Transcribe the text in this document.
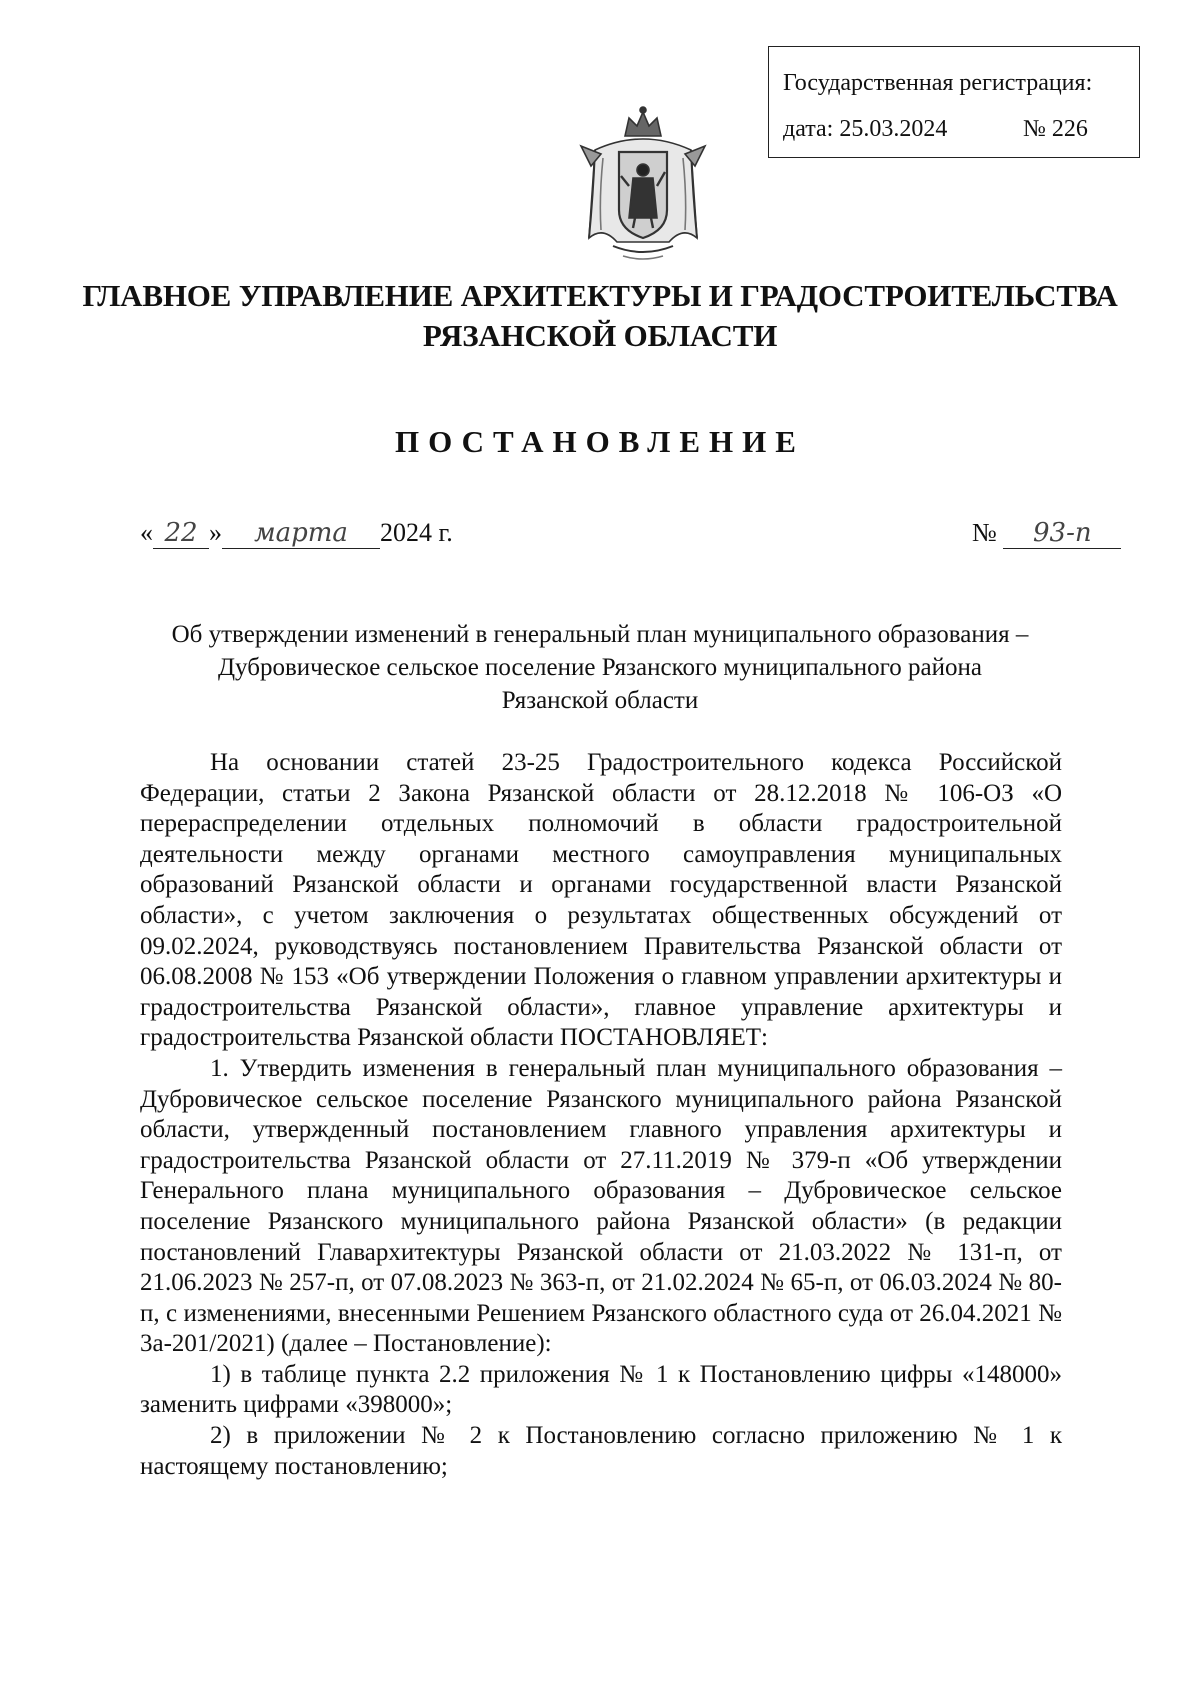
Государственная регистрация:
дата: 25.03.2024	№ 226
ГЛАВНОЕ УПРАВЛЕНИЕ АРХИТЕКТУРЫ И ГРАДОСТРОИТЕЛЬСТВА
РЯЗАНСКОЙ ОБЛАСТИ
ПОСТАНОВЛЕНИЕ
« 22 » марта 2024 г.	№ 93-п
Об утверждении изменений в генеральный план муниципального образования –
Дубровическое сельское поселение Рязанского муниципального района
Рязанской области

На основании статей 23-25 Градостроительного кодекса Российской Федерации, статьи 2 Закона Рязанской области от 28.12.2018 № 106-ОЗ «О перераспределении отдельных полномочий в области градостроительной деятельности между органами местного самоуправления муниципальных образований Рязанской области и органами государственной власти Рязанской области», с учетом заключения о результатах общественных обсуждений от 09.02.2024, руководствуясь постановлением Правительства Рязанской области от 06.08.2008 № 153 «Об утверждении Положения о главном управлении архитектуры и градостроительства Рязанской области», главное управление архитектуры и градостроительства Рязанской области ПОСТАНОВЛЯЕТ:

1. Утвердить изменения в генеральный план муниципального образования – Дубровическое сельское поселение Рязанского муниципального района Рязанской области, утвержденный постановлением главного управления архитектуры и градостроительства Рязанской области от 27.11.2019 № 379-п «Об утверждении Генерального плана муниципального образования – Дубровическое сельское поселение Рязанского муниципального района Рязанской области» (в редакции постановлений Главархитектуры Рязанской области от 21.03.2022 № 131-п, от 21.06.2023 № 257-п, от 07.08.2023 № 363-п, от 21.02.2024 № 65-п, от 06.03.2024 № 80-п, с изменениями, внесенными Решением Рязанского областного суда от 26.04.2021 № 3а-201/2021) (далее – Постановление):

1) в таблице пункта 2.2 приложения № 1 к Постановлению цифры «148000» заменить цифрами «398000»;

2) в приложении № 2 к Постановлению согласно приложению № 1 к настоящему постановлению;
